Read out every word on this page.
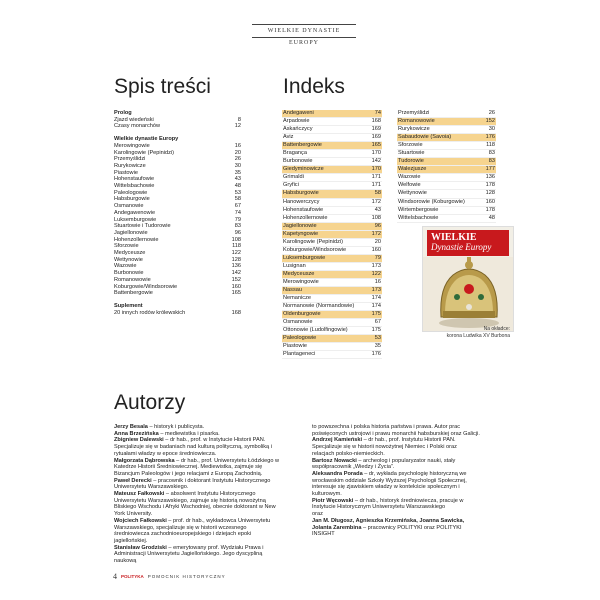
WIELKIE DYNASTIE EUROPY
Spis treści
Prolog
Zjazd wiedeński	8
Czasy monarchów	12
Wielkie dynastie Europy
Merowingowie	16
Karolingowie (Pepinidzi)	20
Przemyślidzi	26
Rurykowicze	30
Piastowie	35
Hohenstaufowie	43
Wittelsbachowie	48
Paleologowie	53
Habsburgowie	58
Osmanowie	67
Andegawenowie	74
Luksemburgowie	79
Stuartowie i Tudorowie	83
Jagiellonowie	96
Hohenzollernowie	108
Sforzowie	118
Medyceusze	122
Wettynowie	128
Wazowie	136
Burbonowie	142
Romanowowie	152
Koburgowie/Windsorowie	160
Battenbergowie	165
Suplement
20 innych rodów królewskich	168
Indeks
Andegaweni	74
Arpadowie	168
Askańczycy	169
Aviz	169
Battenbergowie	165
Bragança	170
Burbonowie	142
Giedyminowicze	170
Grimaldi	171
Gryfici	171
Habsburgowie	58
Hanowerczycy	172
Hohenstaufowie	43
Hohenzollernowie	108
Jagiellonowie	96
Kapetyngowie	172
Karolingowie (Pepinidzi)	20
Koburgowie/Windsorowie	160
Luksemburgowie	79
Lusignan	173
Medyceusze	122
Merowingowie	16
Nassau	173
Nemanicze	174
Normanowie (Normandowie)	174
Oldenburgowie	175
Osmanowie	67
Ottonowie (Ludolfingowie)	175
Paleologowie	53
Piastowie	35
Plantageneci	176
Przemyślidzi	26
Romanowowie	152
Rurykowicze	30
Sabaudowie (Savoia)	176
Sforzowie	118
Stuartowie	83
Tudorowie	83
Walezjusze	177
Wazowie	136
Welfowie	178
Wettynowie	128
Windsorowie (Koburgowie)	160
Wirtembergowie	178
Wittelsbachowie	48
WIELKIE
Dynastie Europy
Na okładce:
korona Ludwika XV Burbona
Autorzy

Jerzy Besala – historyk i publicysta.

Anna Brzezińska – mediewistka i pisarka.

Zbigniew Dalewski – dr hab., prof. w Instytucie Historii PAN. Specjalizuje się w badaniach nad kulturą polityczną, symboliką i rytuałami władzy w epoce średniowiecza.

Małgorzata Dąbrowska – dr hab., prof. Uniwersytetu Łódzkiego w Katedrze Historii Średniowiecznej. Mediewistka, zajmuje się Bizancjum Paleologów i jego relacjami z Europą Zachodnią.

Paweł Derecki – pracownik i doktorant Instytutu Historycznego Uniwersytetu Warszawskiego.

Mateusz Fałkowski – absolwent Instytutu Historycznego Uniwersytetu Warszawskiego, zajmuje się historią nowożytną Bliskiego Wschodu i Afryki Wschodniej, obecnie doktorant w New York University.

Wojciech Fałkowski – prof. dr hab., wykładowca Uniwersytetu Warszawskiego, specjalizuje się w historii wczesnego średniowiecza zachodnioeuropejskiego i dziejach epoki jagiellońskiej.

Stanisław Grodziski – emerytowany prof. Wydziału Prawa i Administracji Uniwersytetu Jagiellońskiego. Jego dyscypliną naukową

to powszechna i polska historia państwa i prawa. Autor prac poświęconych ustrojowi i prawu monarchii habsburskiej oraz Galicji.

Andrzej Kamieński – dr hab., prof. Instytutu Historii PAN. Specjalizuje się w historii nowożytnej Niemiec i Polski oraz relacjach polsko-niemieckich.

Bartosz Nowacki – archeolog i popularyzator nauki, stały współpracownik „Wiedzy i Życia”.

Aleksandra Porada – dr, wykłada psychologię historyczną we wrocławskim oddziale Szkoły Wyższej Psychologii Społecznej, interesuje się zjawiskiem władzy w kontekście społecznym i kulturowym.

Piotr Węcowski – dr hab., historyk średniowiecza, pracuje w Instytucie Historycznym Uniwersytetu Warszawskiego

oraz

Jan M. Długosz, Agnieszka Krzemińska, Joanna Sawicka, Jolanta Zarembina – pracownicy POLITYKI oraz POLITYKI INSIGHT

4 POLITYKA POMOCNIK HISTORYCZNY
